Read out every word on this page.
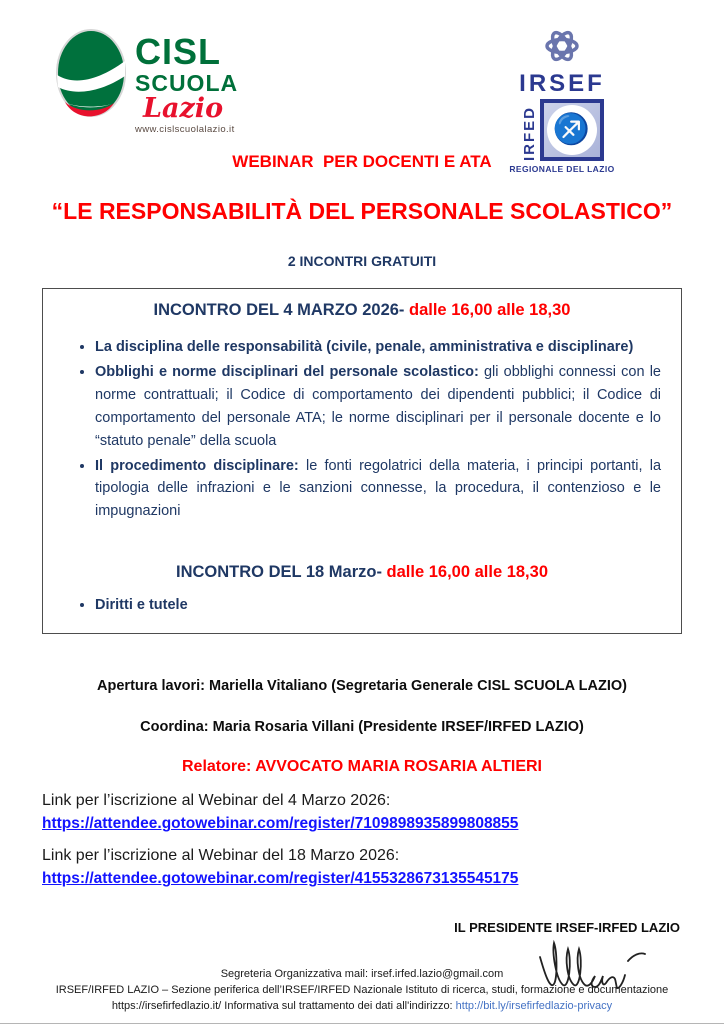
CISL
SCUOLA
Lazio
www.cislscuolalazio.it
IRSEF
IRFED ♐
REGIONALE DEL LAZIO
WEBINAR  PER DOCENTI E ATA
“LE RESPONSABILITÀ DEL PERSONALE SCOLASTICO”
2 INCONTRI GRATUITI
INCONTRO DEL 4 MARZO 2026- dalle 16,00 alle 18,30
• La disciplina delle responsabilità (civile, penale, amministrativa e disciplinare)
• Obblighi e norme disciplinari del personale scolastico: gli obblighi connessi con le norme contrattuali; il Codice di comportamento dei dipendenti pubblici; il Codice di comportamento del personale ATA; le norme disciplinari per il personale docente e lo “statuto penale” della scuola
• Il procedimento disciplinare: le fonti regolatrici della materia, i principi portanti, la tipologia delle infrazioni e le sanzioni connesse, la procedura, il contenzioso e le impugnazioni
INCONTRO DEL 18 Marzo- dalle 16,00 alle 18,30
• Diritti e tutele
Apertura lavori: Mariella Vitaliano (Segretaria Generale CISL SCUOLA LAZIO)
Coordina: Maria Rosaria Villani (Presidente IRSEF/IRFED LAZIO)
Relatore: AVVOCATO MARIA ROSARIA ALTIERI
Link per l’iscrizione al Webinar del 4 Marzo 2026:
https://attendee.gotowebinar.com/register/7109898935899808855
Link per l’iscrizione al Webinar del 18 Marzo 2026:
https://attendee.gotowebinar.com/register/4155328673135545175
IL PRESIDENTE IRSEF-IRFED LAZIO
Segreteria Organizzativa mail: irsef.irfed.lazio@gmail.com
IRSEF/IRFED LAZIO – Sezione periferica dell’IRSEF/IRFED Nazionale Istituto di ricerca, studi, formazione e documentazione
https://irsefirfedlazio.it/ Informativa sul trattamento dei dati all'indirizzo: http://bit.ly/irsefirfedlazio-privacy
